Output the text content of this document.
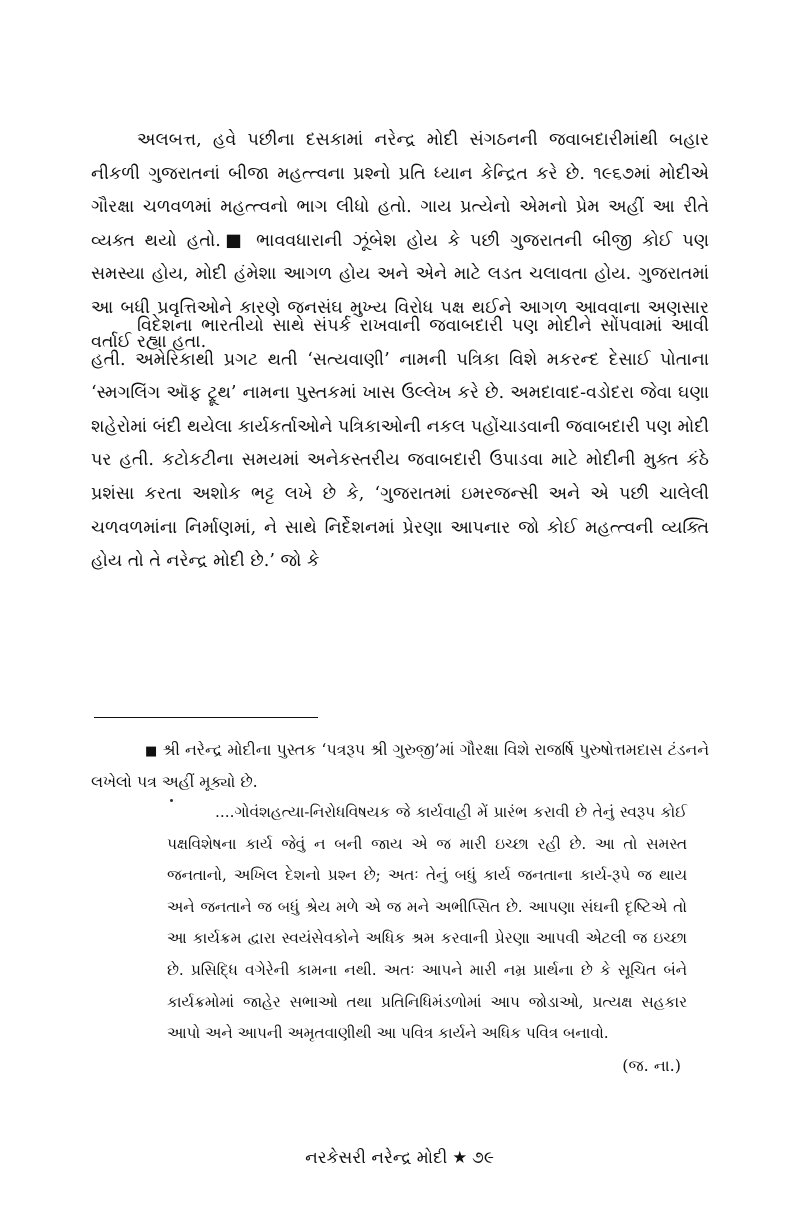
અલબત્ત, હવે પછીના દસકામાં નરેન્દ્ર મોદી સંગઠનની જવાબદારીમાંથી બહાર નીકળી ગુજરાતનાં બીજા મહત્ત્વના પ્રશ્નો પ્રતિ ધ્યાન કેન્દ્રિત કરે છે. ૧૯૬૭માં મોદીએ ગૌરક્ષા ચળવળમાં મહત્ત્વનો ભાગ લીધો હતો. ગાય પ્રત્યેનો એમનો પ્રેમ અહીં આ રીતે વ્યક્ત થયો હતો.■ ભાવવધારાની ઝૂંબેશ હોય કે પછી ગુજરાતની બીજી કોઈ પણ સમસ્યા હોય, મોદી હંમેશા આગળ હોય અને એને માટે લડત ચલાવતા હોય. ગુજરાતમાં આ બધી પ્રવૃત્તિઓને કારણે જનસંઘ મુખ્ય વિરોધ પક્ષ થઈને આગળ આવવાના અણસાર વર્તાઈ રહ્યા હતા.

વિદેશના ભારતીયો સાથે સંપર્ક રાખવાની જવાબદારી પણ મોદીને સોંપવામાં આવી હતી. અમેરિકાથી પ્રગટ થતી ‘સત્યવાણી’ નામની પત્રિકા વિશે મકરન્દ દેસાઈ પોતાના ‘સ્મગલિંગ ઑફ ટ્રૂથ’ નામના પુસ્તકમાં ખાસ ઉલ્લેખ કરે છે. અમદાવાદ-વડોદરા જેવા ઘણા શહેરોમાં બંદી થયેલા કાર્યકર્તાઓને પત્રિકાઓની નકલ પહોંચાડવાની જવાબદારી પણ મોદી પર હતી. કટોકટીના સમયમાં અનેકસ્તરીય જવાબદારી ઉપાડવા માટે મોદીની મુક્ત કંઠે પ્રશંસા કરતા અશોક ભટ્ટ લખે છે કે, ‘ગુજરાતમાં ઇમરજન્સી અને એ પછી ચાલેલી ચળવળમાંના નિર્માણમાં, ને સાથે નિર્દેશનમાં પ્રેરણા આપનાર જો કોઈ મહત્ત્વની વ્યક્તિ હોય તો તે નરેન્દ્ર મોદી છે.’ જો કે

■ શ્રી નરેન્દ્ર મોદીના પુસ્તક ‘પત્રરૂપ શ્રી ગુરુજી’માં ગૌરક્ષા વિશે રાજર્ષિ પુરુષોત્તમદાસ ટંડનને લખેલો પત્ર અહીં મૂક્યો છે.

....ગોવંશહત્યા-નિરોધવિષયક જે કાર્યવાહી મેં પ્રારંભ કરાવી છે તેનું સ્વરૂપ કોઈ પક્ષવિશેષના કાર્ય જેવું ન બની જાય એ જ મારી ઇચ્છા રહી છે. આ તો સમસ્ત જનતાનો, અખિલ દેશનો પ્રશ્ન છે; અતઃ તેનું બધું કાર્ય જનતાના કાર્ય-રૂપે જ થાય અને જનતાને જ બધું શ્રેય મળે એ જ મને અભીપ્સિત છે. આપણા સંઘની દૃષ્ટિએ તો આ કાર્યક્રમ દ્વારા સ્વયંસેવકોને અધિક શ્રમ કરવાની પ્રેરણા આપવી એટલી જ ઇચ્છા છે. પ્રસિદ્ધિ વગેરેની કામના નથી. અતઃ આપને મારી નમ્ર પ્રાર્થના છે કે સૂચિત બંને કાર્યક્રમોમાં જાહેર સભાઓ તથા પ્રતિનિધિમંડળોમાં આપ જોડાઓ, પ્રત્યક્ષ સહકાર આપો અને આપની અમૃતવાણીથી આ પવિત્ર કાર્યને અધિક પવિત્ર બનાવો.
(જ. ના.)

નરકેસરી નરેન્દ્ર મોદી ★ ૭૯
